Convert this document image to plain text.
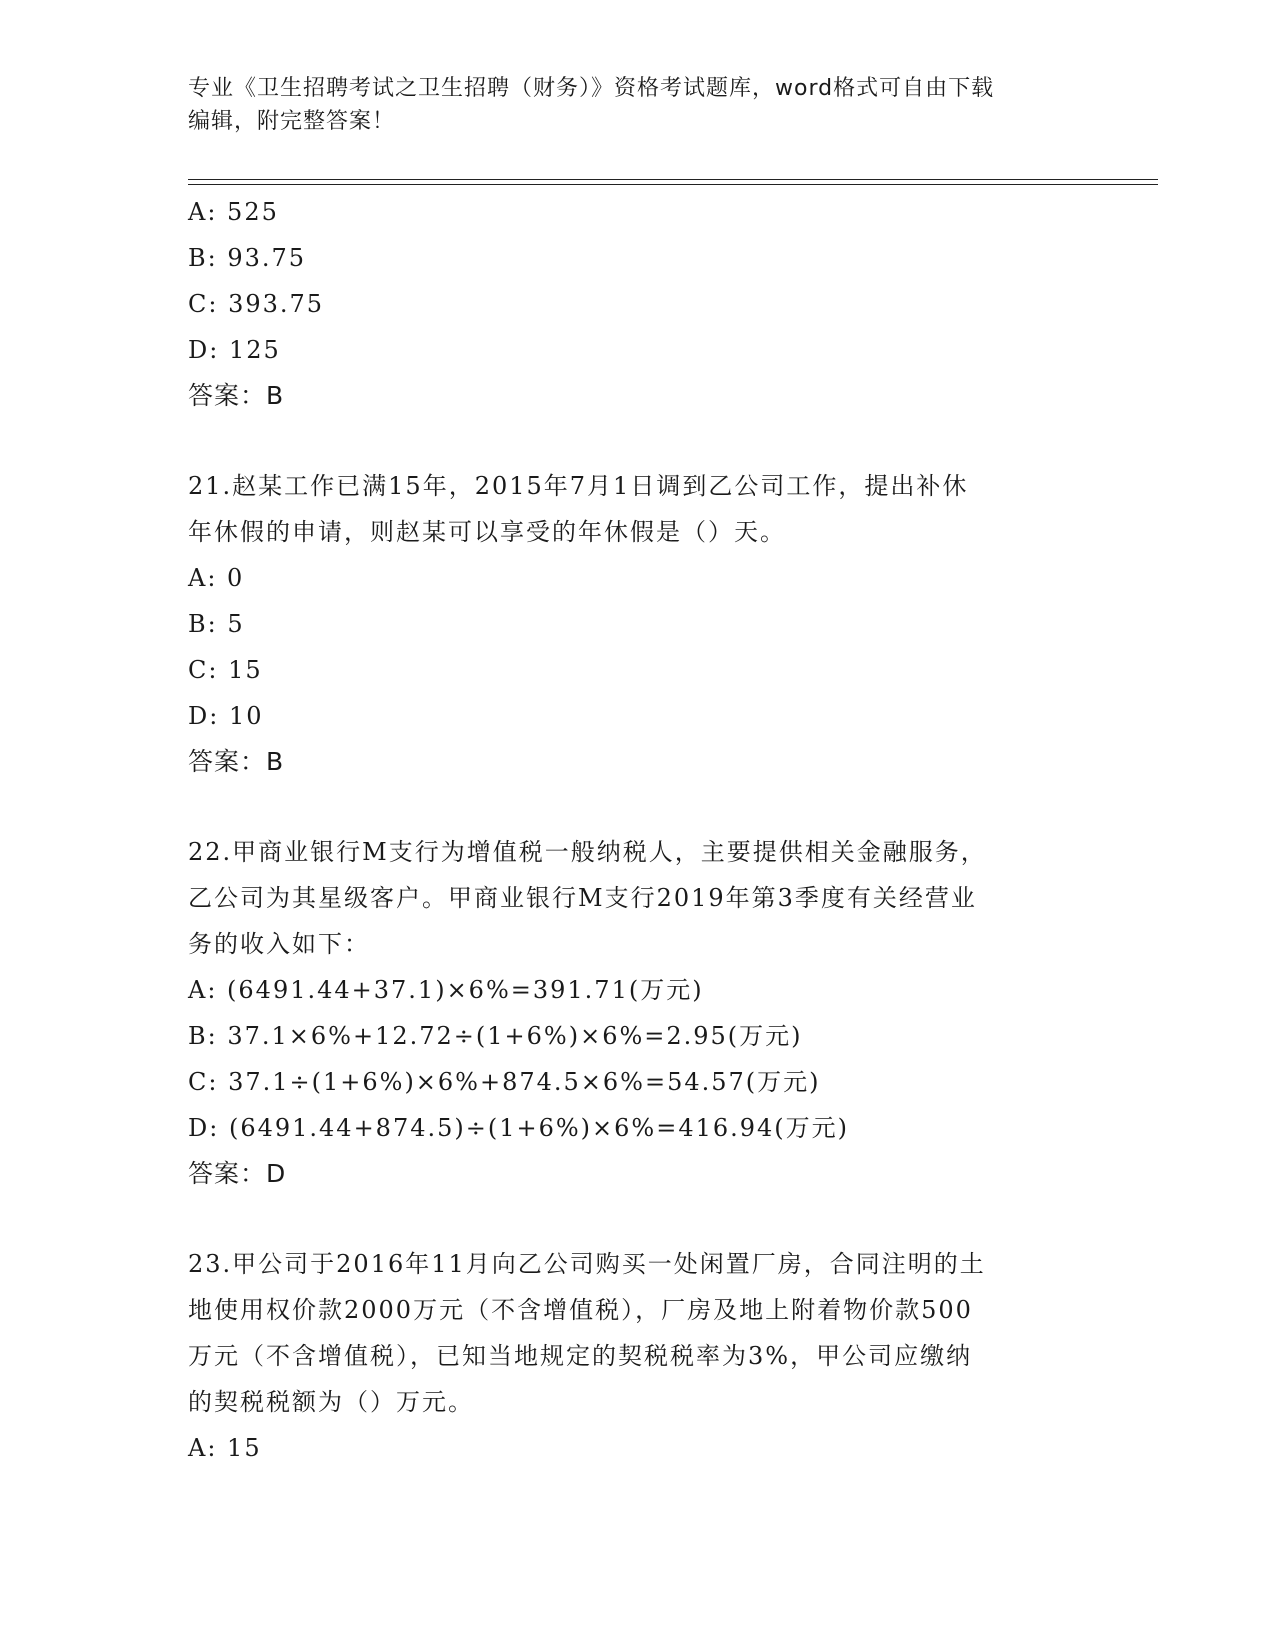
专业《卫生招聘考试之卫生招聘（财务）》资格考试题库，word格式可自由下载
编辑，附完整答案！
A: 525
B: 93.75
C: 393.75
D: 125
答案：B
21.赵某工作已满15年，2015年7月1日调到乙公司工作，提出补休
年休假的申请，则赵某可以享受的年休假是（）天。
A: 0
B: 5
C: 15
D: 10
答案：B
22.甲商业银行M支行为增值税一般纳税人，主要提供相关金融服务，
乙公司为其星级客户。甲商业银行M支行2019年第3季度有关经营业
务的收入如下：
A: (6491.44+37.1)×6%=391.71(万元)
B: 37.1×6%+12.72÷(1+6%)×6%=2.95(万元)
C: 37.1÷(1+6%)×6%+874.5×6%=54.57(万元)
D: (6491.44+874.5)÷(1+6%)×6%=416.94(万元)
答案：D
23.甲公司于2016年11月向乙公司购买一处闲置厂房，合同注明的土
地使用权价款2000万元（不含增值税），厂房及地上附着物价款500
万元（不含增值税），已知当地规定的契税税率为3%，甲公司应缴纳
的契税税额为（）万元。
A: 15
